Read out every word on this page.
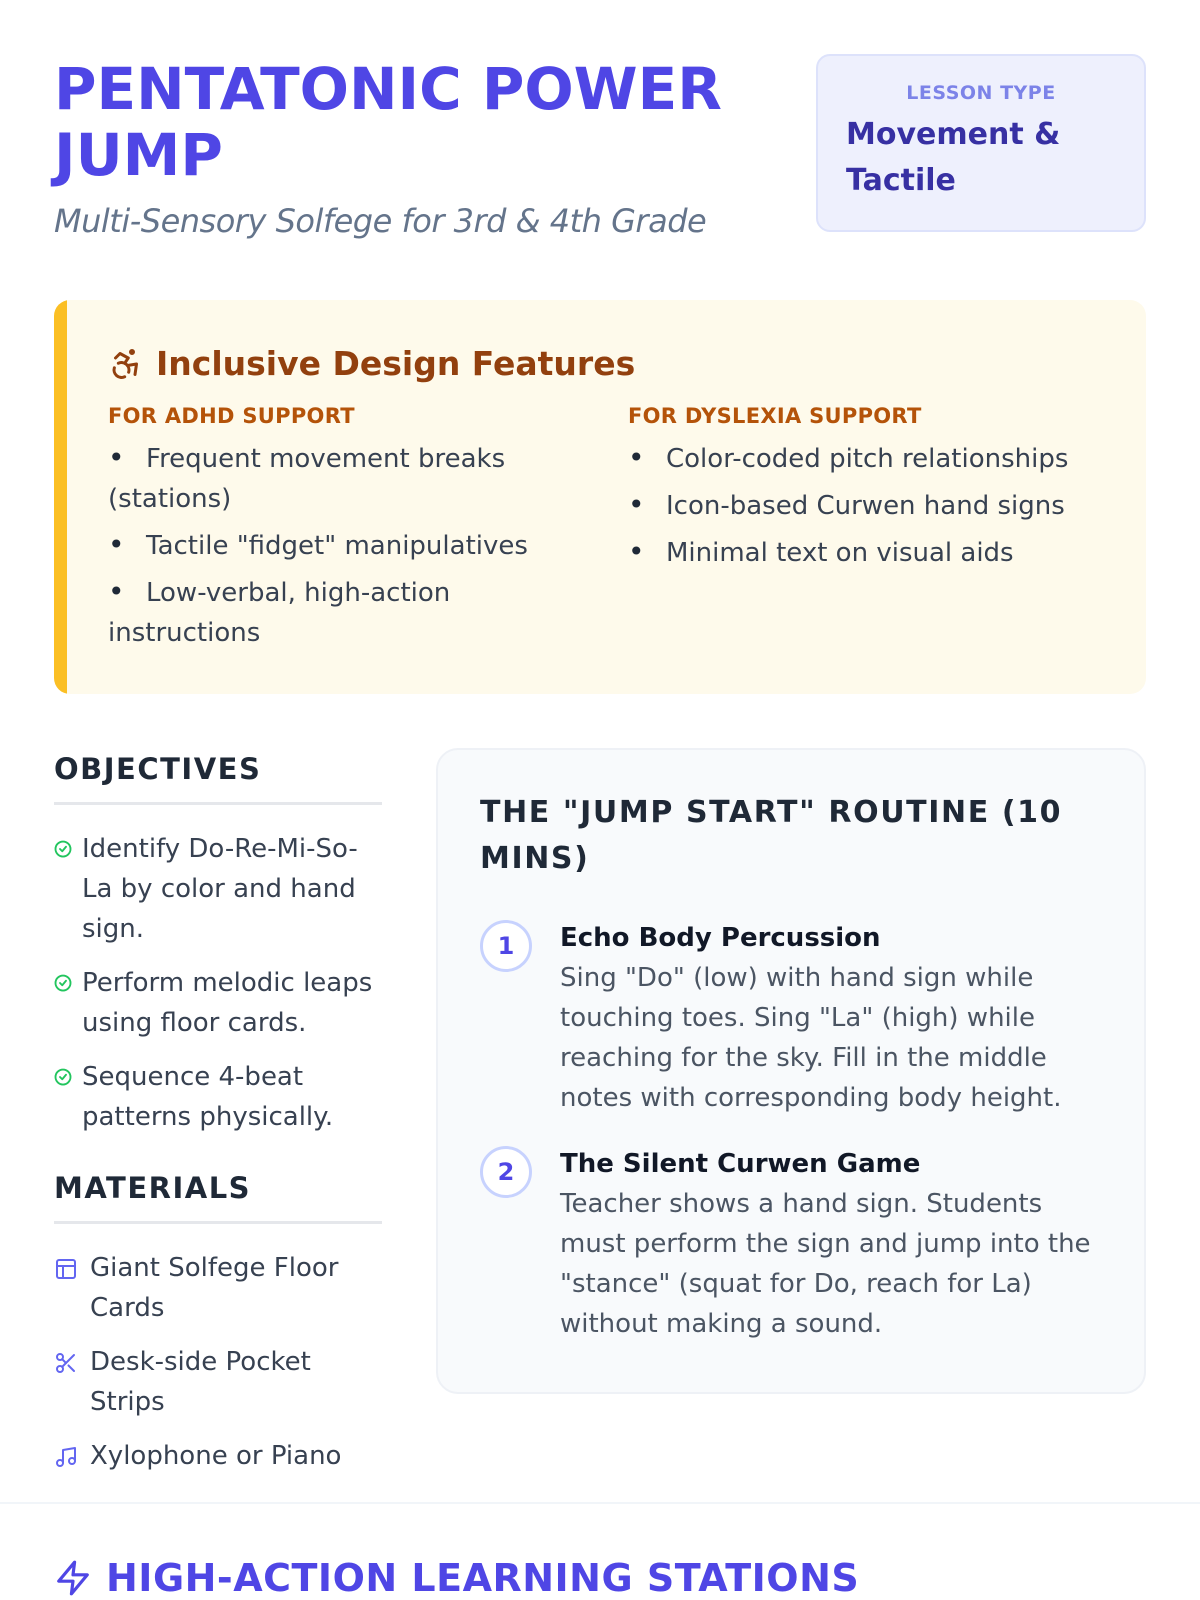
PENTATONIC POWER
JUMP
Multi-Sensory Solfege for 3rd & 4th Grade
LESSON TYPE
Movement &
Tactile
Inclusive Design Features
FOR ADHD SUPPORT
• Frequent movement breaks (stations)
• Tactile "fidget" manipulatives
• Low-verbal, high-action instructions
FOR DYSLEXIA SUPPORT
• Color-coded pitch relationships
• Icon-based Curwen hand signs
• Minimal text on visual aids
OBJECTIVES
Identify Do-Re-Mi-So-La by color and hand sign.
Perform melodic leaps using floor cards.
Sequence 4-beat patterns physically.
MATERIALS
Giant Solfege Floor Cards
Desk-side Pocket Strips
Xylophone or Piano
THE "JUMP START" ROUTINE (10 MINS)
1	Echo Body Percussion
Sing "Do" (low) with hand sign while touching toes. Sing "La" (high) while reaching for the sky. Fill in the middle notes with corresponding body height.
2	The Silent Curwen Game
Teacher shows a hand sign. Students must perform the sign and jump into the "stance" (squat for Do, reach for La) without making a sound.
HIGH-ACTION LEARNING STATIONS
